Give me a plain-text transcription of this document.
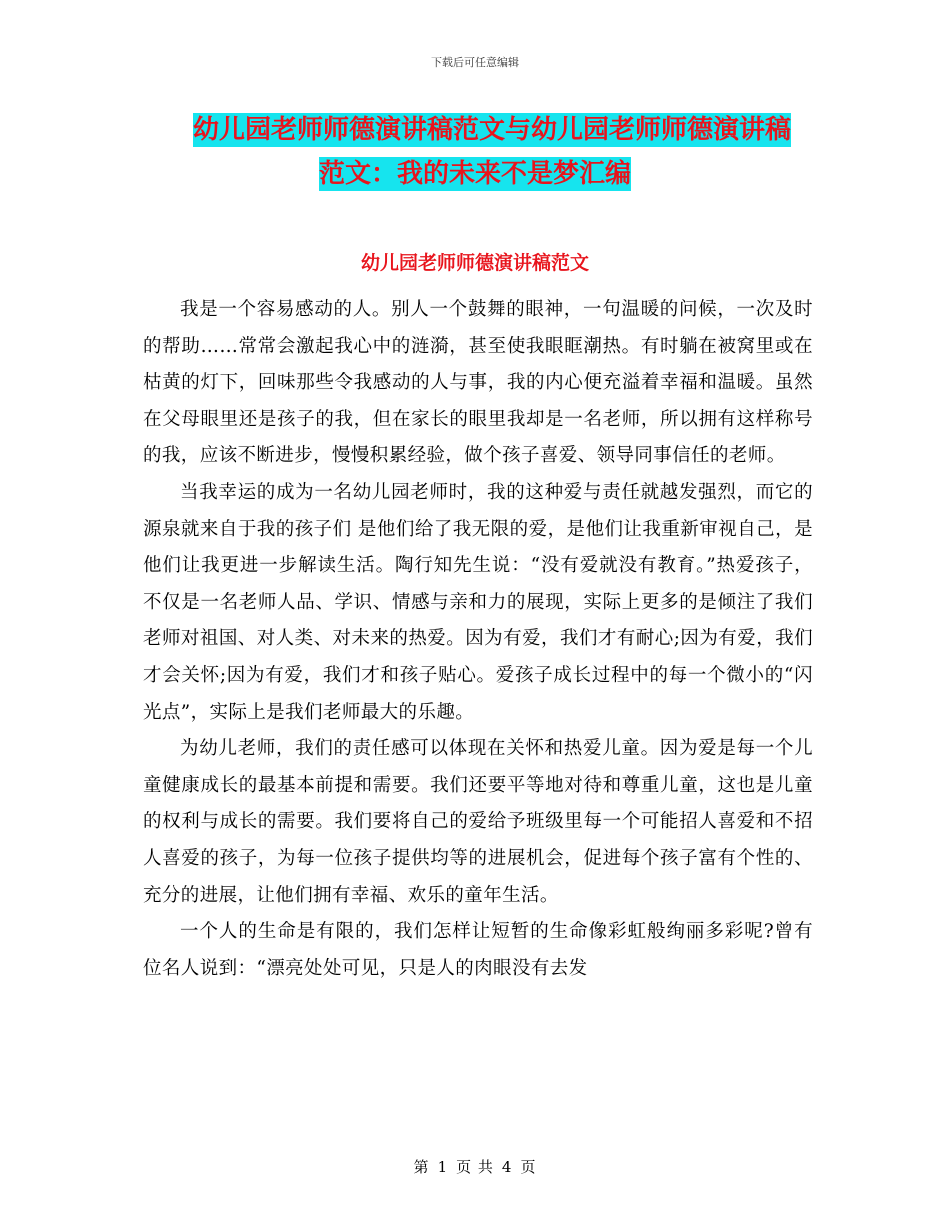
下载后可任意编辑
幼儿园老师师德演讲稿范文与幼儿园老师师德演讲稿
范文：我的未来不是梦汇编
幼儿园老师师德演讲稿范文

我是一个容易感动的人。别人一个鼓舞的眼神，一句温暖的问候，一次及时的帮助……常常会激起我心中的涟漪，甚至使我眼眶潮热。有时躺在被窝里或在枯黄的灯下，回味那些令我感动的人与事，我的内心便充溢着幸福和温暖。虽然在父母眼里还是孩子的我，但在家长的眼里我却是一名老师，所以拥有这样称号的我，应该不断进步，慢慢积累经验，做个孩子喜爱、领导同事信任的老师。

当我幸运的成为一名幼儿园老师时，我的这种爱与责任就越发强烈，而它的源泉就来自于我的孩子们 是他们给了我无限的爱，是他们让我重新审视自己，是他们让我更进一步解读生活。陶行知先生说：“没有爱就没有教育。”热爱孩子，不仅是一名老师人品、学识、情感与亲和力的展现，实际上更多的是倾注了我们老师对祖国、对人类、对未来的热爱。因为有爱，我们才有耐心;因为有爱，我们才会关怀;因为有爱，我们才和孩子贴心。爱孩子成长过程中的每一个微小的“闪光点”，实际上是我们老师最大的乐趣。

为幼儿老师，我们的责任感可以体现在关怀和热爱儿童。因为爱是每一个儿童健康成长的最基本前提和需要。我们还要平等地对待和尊重儿童，这也是儿童的权利与成长的需要。我们要将自己的爱给予班级里每一个可能招人喜爱和不招人喜爱的孩子，为每一位孩子提供均等的进展机会，促进每个孩子富有个性的、充分的进展，让他们拥有幸福、欢乐的童年生活。

一个人的生命是有限的，我们怎样让短暂的生命像彩虹般绚丽多彩呢?曾有位名人说到：“漂亮处处可见，只是人的肉眼没有去发

第 1 页 共 4 页
